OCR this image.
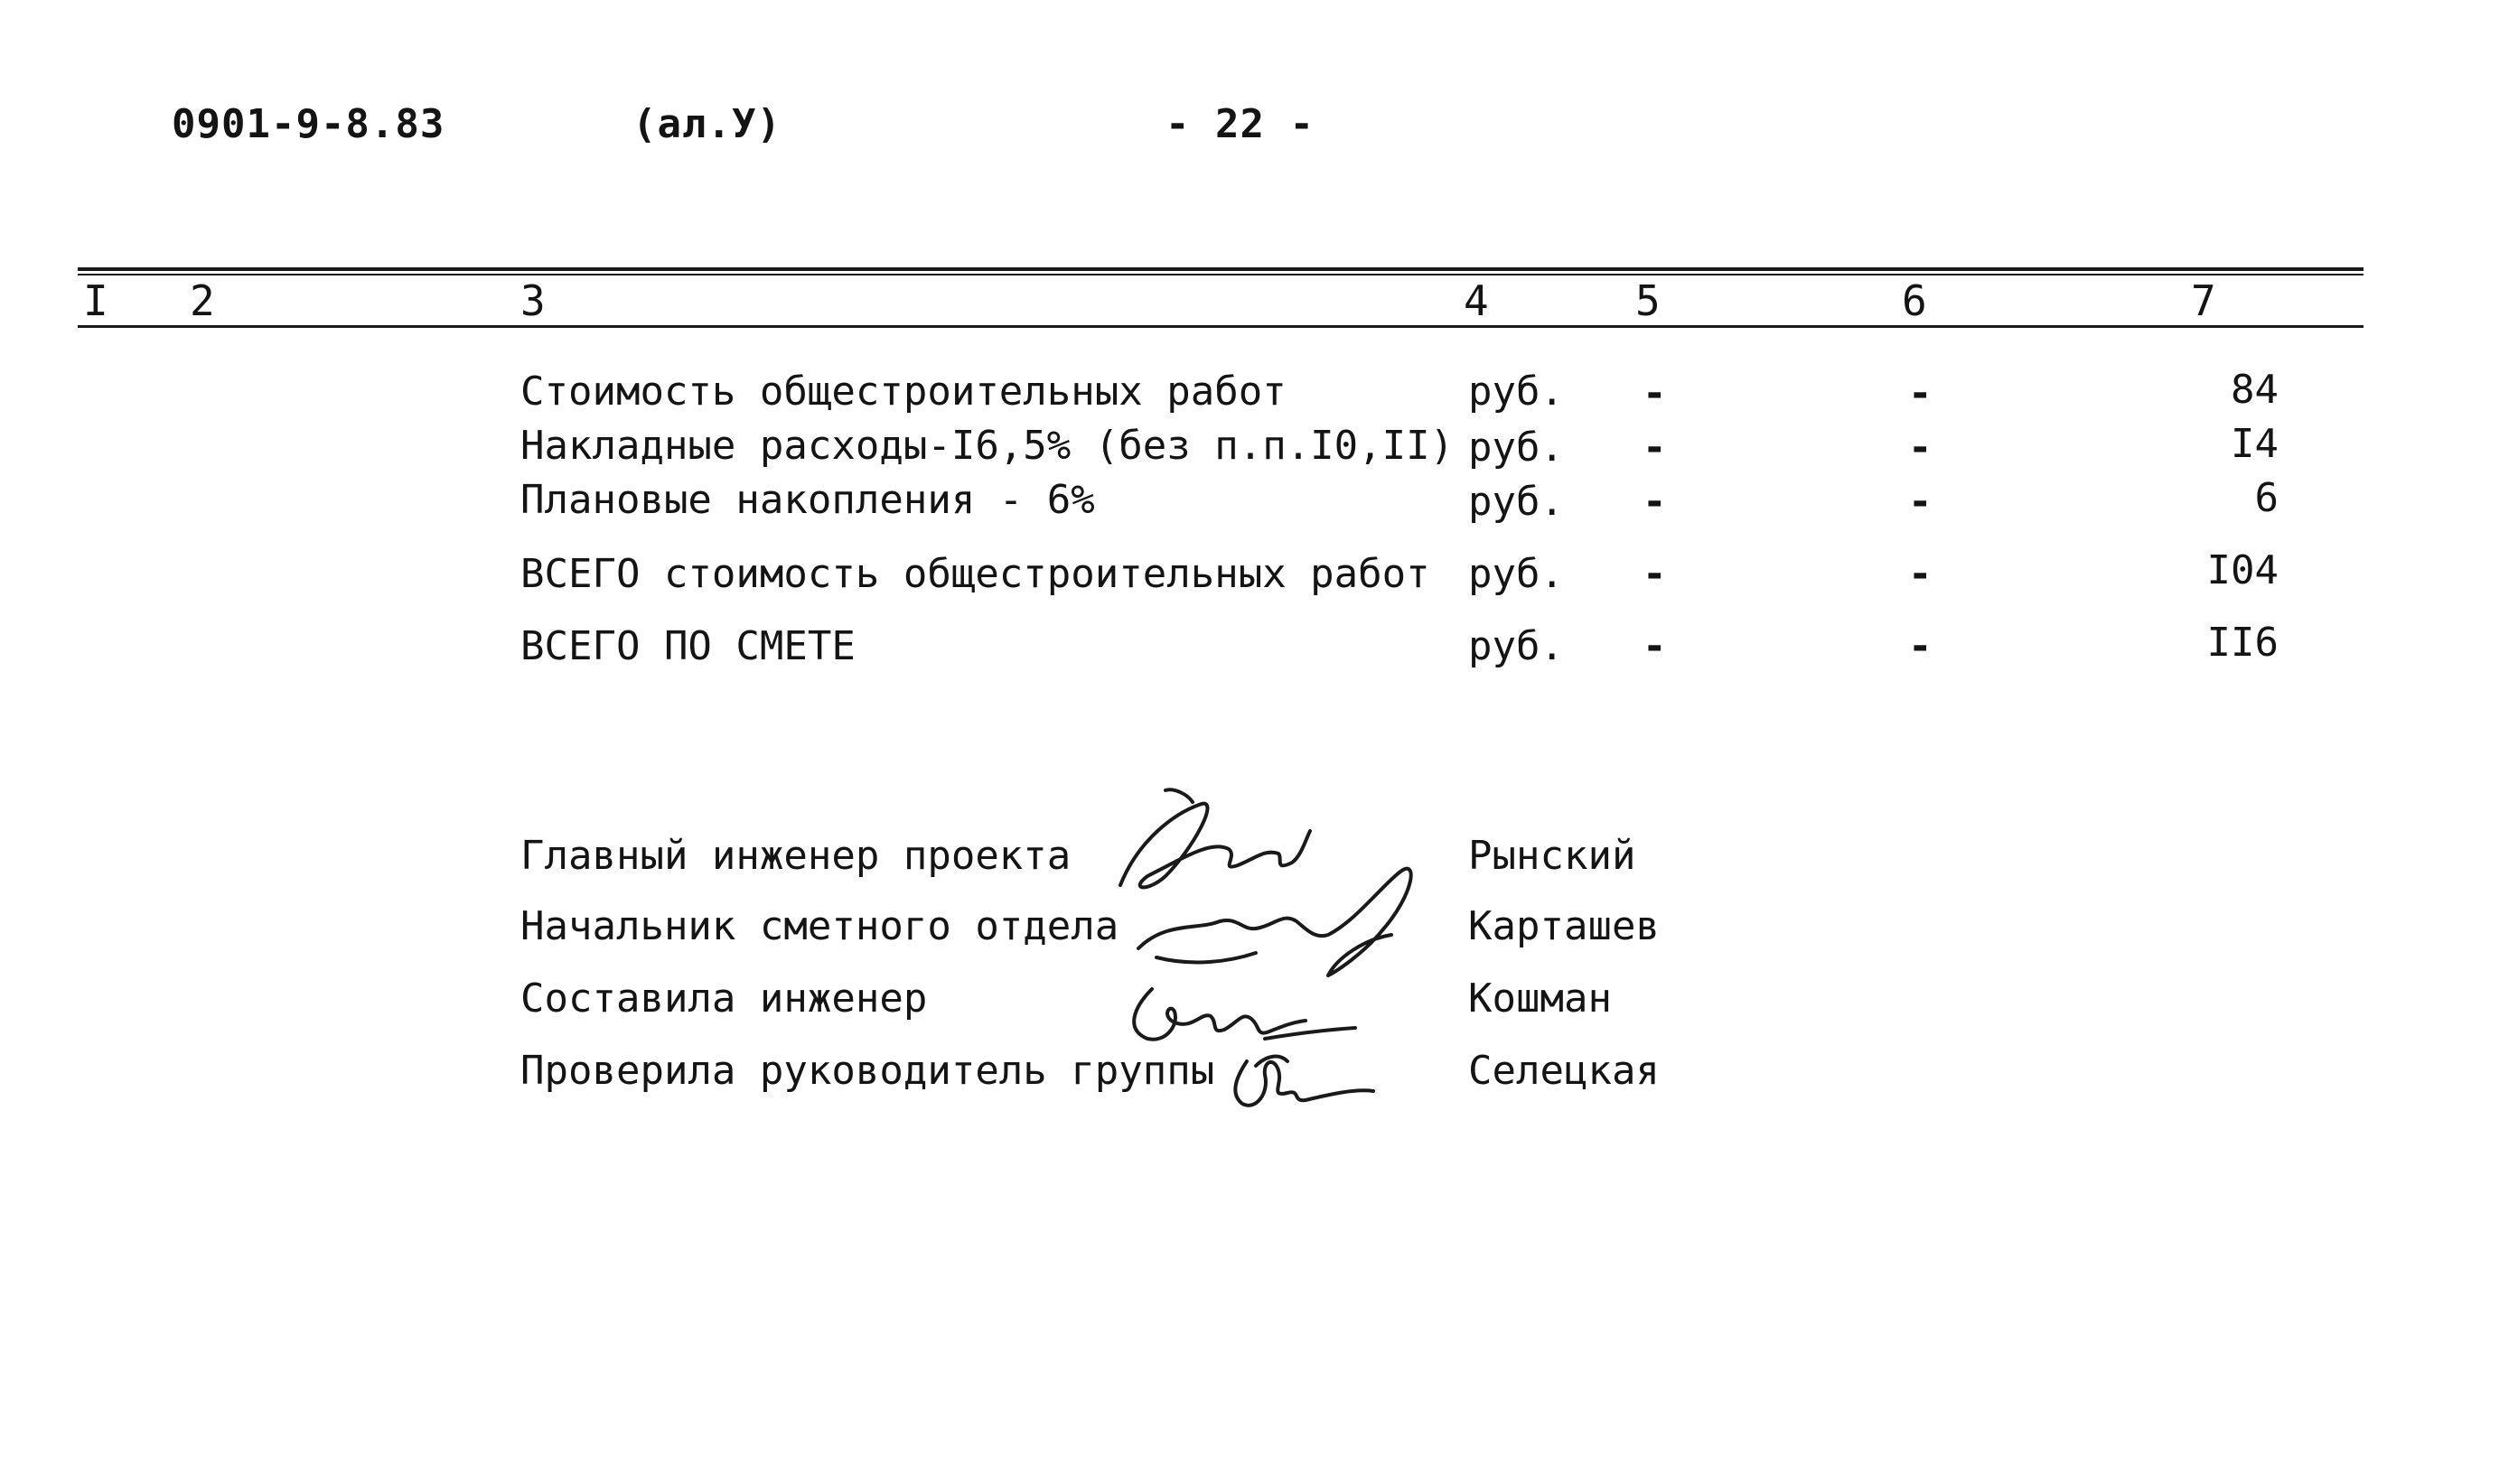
0901-9-8.83	(ал.У)	- 22 -
I 2	3	4	5	6	7
Стоимость общестроительных работ	руб. -	-	84
Накладные расходы-I6,5% (без п.п.I0,II) руб. -	-	I4
Плановые накопления - 6%	руб. -	-	6
ВСЕГО стоимость общестроительных работ руб. -	-	I04
ВСЕГО ПО СМЕТЕ	руб. -	-	II6
Главный инженер проекта	Рынский
Начальник сметного отдела	Карташев
Составила инженер	Кошман
Проверила руководитель группы	Селецкая
